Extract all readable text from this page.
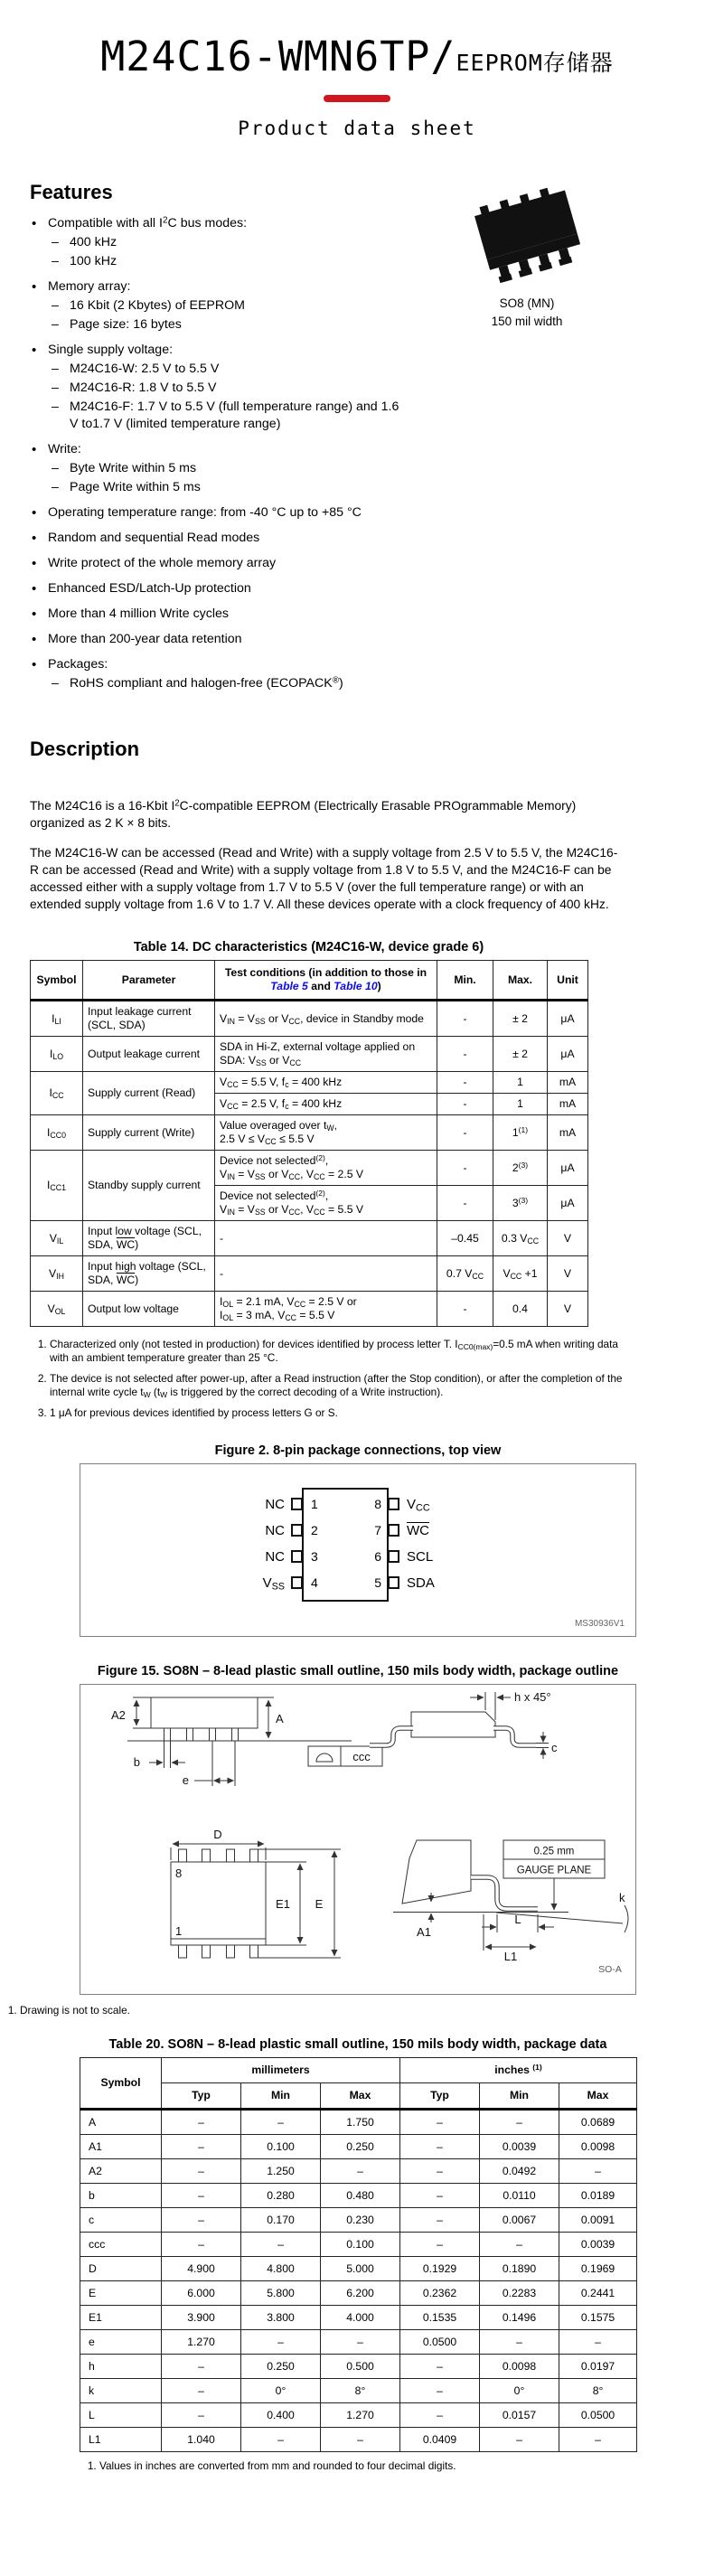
M24C16-WMN6TP/EEPROM存储器
Product data sheet
Features
• Compatible with all $I^2C$ bus modes:
– 400 kHz
– 100 kHz
• Memory array:
– 16 Kbit (2 Kbytes) of EEPROM
– Page size: 16 bytes
• Single supply voltage:
– M24C16-W: 2.5 V to 5.5 V
– M24C16-R: 1.8 V to 5.5 V
– M24C16-F: 1.7 V to 5.5 V (full temperature range) and 1.6 V to1.7 V (limited temperature range)
• Write:
– Byte Write within 5 ms
– Page Write within 5 ms
• Operating temperature range: from -40 °C up to +85 °C
• Random and sequential Read modes
• Write protect of the whole memory array
• Enhanced ESD/Latch-Up protection
• More than 4 million Write cycles
• More than 200-year data retention
• Packages:
– RoHS compliant and halogen-free (ECOPACK®)
SO8 (MN)
150 mil width
Description

The M24C16 is a 16-Kbit $I^2C$-compatible EEPROM (Electrically Erasable PROgrammable Memory) organized as 2 K × 8 bits.

The M24C16-W can be accessed (Read and Write) with a supply voltage from 2.5 V to 5.5 V, the M24C16-R can be accessed (Read and Write) with a supply voltage from 1.8 V to 5.5 V, and the M24C16-F can be accessed either with a supply voltage from 1.7 V to 5.5 V (over the full temperature range) or with an extended supply voltage from 1.6 V to 1.7 V. All these devices operate with a clock frequency of 400 kHz.

Table 14. DC characteristics (M24C16-W, device grade 6)
Symbol	Parameter	Test conditions (in addition to those in Table 5 and Table 10)	Min.	Max.	Unit
$I_{LI}$	Input leakage current (SCL, SDA)	$V_{IN} = V_{SS}$ or $V_{CC}$, device in Standby mode	-	± 2	μA
$I_{LO}$	Output leakage current	SDA in Hi-Z, external voltage applied on SDA: $V_{SS}$ or $V_{CC}$	-	± 2	μA
$I_{CC}$	Supply current (Read)	$V_{CC} = 5.5$ V, $f_c = 400$ kHz	-	1	mA
		$V_{CC} = 2.5$ V, $f_c = 400$ kHz	-	1	mA
$I_{CC0}$	Supply current (Write)	Value overaged over $t_W$,
2.5 $V \le V_{CC} \le 5.5$ V	-	1$^{(1)}$	mA
$I_{CC1}$	Standby supply current	Device not selected$^{(2)}$,
$V_{IN} = V_{SS}$ or $V_{CC}$, $V_{CC} = 2.5$ V	-	2$^{(3)}$	μA
		Device not selected$^{(2)}$,
$V_{IN} = V_{SS}$ or $V_{CC}$, $V_{CC} = 5.5$ V	-	3$^{(3)}$	μA
$V_{IL}$	Input low voltage (SCL, SDA, $\overline{WC}$)	-	–0.45	0.3 $V_{CC}$	V
$V_{IH}$	Input high voltage (SCL, SDA, $\overline{WC}$)	-	0.7 $V_{CC}$	$V_{CC} +1$	V
$V_{OL}$	Output low voltage	$I_{OL} = 2.1$ mA, $V_{CC} = 2.5$ V or
$I_{OL} = 3$ mA, $V_{CC} = 5.5$ V	-	0.4	V
1. Characterized only (not tested in production) for devices identified by process letter T. $I_{CC0(max)}=0.5$ mA when writing data with an ambient temperature greater than 25 °C.
2. The device is not selected after power-up, after a Read instruction (after the Stop condition), or after the completion of the internal write cycle $t_W$ ($t_W$ is triggered by the correct decoding of a Write instruction).
3. 1 μA for previous devices identified by process letters G or S.
Figure 2. 8-pin package connections, top view
NC	1
NC	2
NC	3
$V_{SS}$	4
8	$V_{CC}$
7	$\overline{WC}$
6	SCL
5	SDA
MS30936V1
Figure 15. SO8N – 8-lead plastic small outline, 150 mils body width, package outline
A2	A
b
e
ccc
h x 45°
c
D
8
1
E1 E
0.25 mm
GAUGE PLANE
k
A1
L
L1
SO-A
1. Drawing is not to scale.
Table 20. SO8N – 8-lead plastic small outline, 150 mils body width, package data
Symbol	millimeters			inches $^{(1)}$
	Typ	Min	Max	Typ	Min	Max
A	–	–	1.750	–	–	0.0689
A1	–	0.100	0.250	–	0.0039	0.0098
A2	–	1.250	–	–	0.0492	–
b	–	0.280	0.480	–	0.0110	0.0189
c	–	0.170	0.230	–	0.0067	0.0091
ccc	–	–	0.100	–	–	0.0039
D	4.900	4.800	5.000	0.1929	0.1890	0.1969
E	6.000	5.800	6.200	0.2362	0.2283	0.2441
E1	3.900	3.800	4.000	0.1535	0.1496	0.1575
e	1.270	–	–	0.0500	–	–
h	–	0.250	0.500	–	0.0098	0.0197
k	–	0°	8°	–	0°	8°
L	–	0.400	1.270	–	0.0157	0.0500
L1	1.040	–	–	0.0409	–	–
1. Values in inches are converted from mm and rounded to four decimal digits.
